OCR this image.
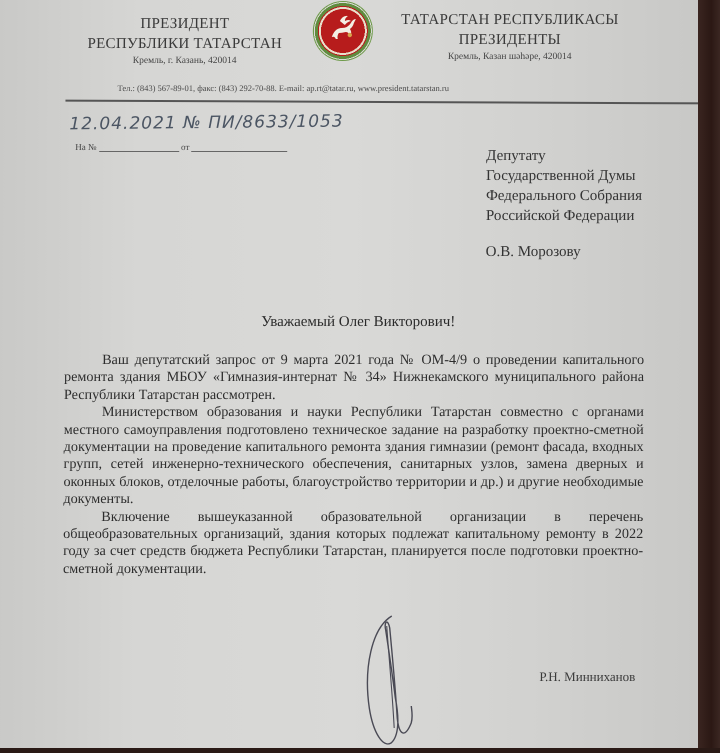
ПРЕЗИДЕНТ
РЕСПУБЛИКИ ТАТАРСТАН
Кремль, г. Казань, 420014
ТАТАРСТАН РЕСПУБЛИКАСЫ
ПРЕЗИДЕНТЫ
Кремль, Казан шәһәре, 420014
Тел.: (843) 567-89-01, факс: (843) 292-70-88. E-mail: ap.rt@tatar.ru, www.president.tatarstan.ru
12.04.2021 № ПИ/8633/1053
На №	от
Депутату
Государственной Думы
Федерального Собрания
Российской Федерации
О.В. Морозову
Уважаемый Олег Викторович!

Ваш депутатский запрос от 9 марта 2021 года № ОМ-4/9 о проведении капитального ремонта здания МБОУ «Гимназия-интернат № 34» Нижнекамского муниципального района Республики Татарстан рассмотрен.

Министерством образования и науки Республики Татарстан совместно с органами местного самоуправления подготовлено техническое задание на разработку проектно-сметной документации на проведение капитального ремонта здания гимназии (ремонт фасада, входных групп, сетей инженерно-технического обеспечения, санитарных узлов, замена дверных и оконных блоков, отделочные работы, благоустройство территории и др.) и другие необходимые документы.

Включение вышеуказанной образовательной организации в перечень общеобразовательных организаций, здания которых подлежат капитальному ремонту в 2022 году за счет средств бюджета Республики Татарстан, планируется после подготовки проектно-сметной документации.

Р.Н. Минниханов
